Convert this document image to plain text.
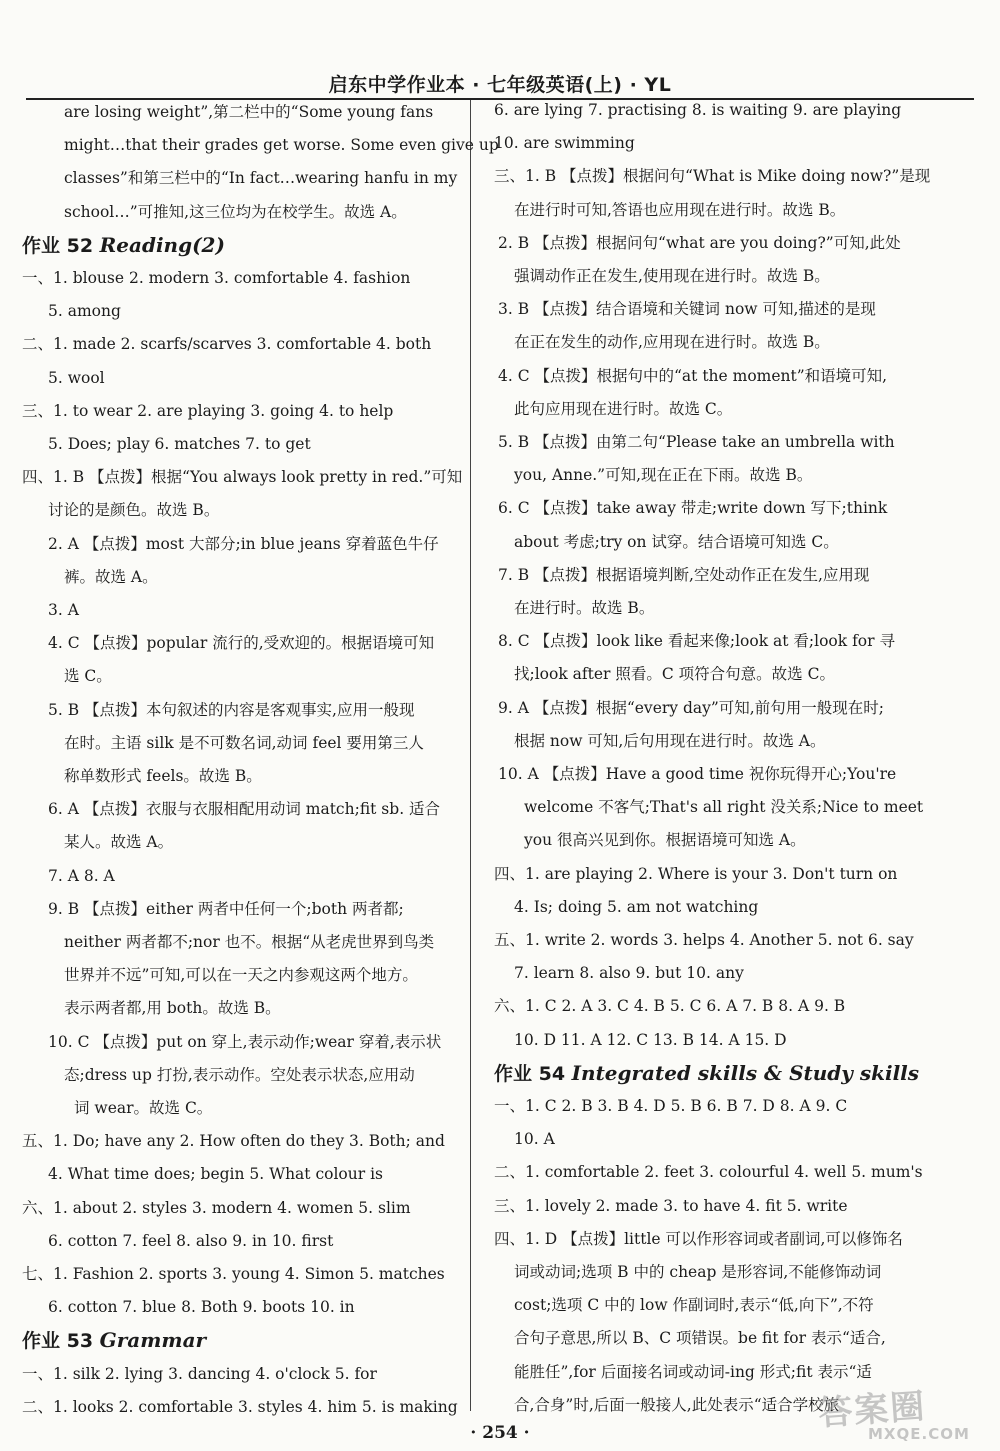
启东中学作业本 · 七年级英语(上) · YL
are losing weight”,第二栏中的“Some young fans
might…that their grades get worse. Some even give up
classes”和第三栏中的“In fact…wearing hanfu in my
school…”可推知,这三位均为在校学生。故选 A。
作业 52 Reading(2)
一、1. blouse 2. modern 3. comfortable 4. fashion
5. among
二、1. made 2. scarfs/scarves 3. comfortable 4. both
5. wool
三、1. to wear 2. are playing 3. going 4. to help
5. Does; play 6. matches 7. to get
四、1. B 【点拨】根据“You always look pretty in red.”可知
讨论的是颜色。故选 B。
2. A 【点拨】most 大部分;in blue jeans 穿着蓝色牛仔
裤。故选 A。
3. A
4. C 【点拨】popular 流行的,受欢迎的。根据语境可知
选 C。
5. B 【点拨】本句叙述的内容是客观事实,应用一般现
在时。主语 silk 是不可数名词,动词 feel 要用第三人
称单数形式 feels。故选 B。
6. A 【点拨】衣服与衣服相配用动词 match;fit sb. 适合
某人。故选 A。
7. A 8. A
9. B 【点拨】either 两者中任何一个;both 两者都;
neither 两者都不;nor 也不。根据“从老虎世界到鸟类
世界并不远”可知,可以在一天之内参观这两个地方。
表示两者都,用 both。故选 B。
10. C 【点拨】put on 穿上,表示动作;wear 穿着,表示状
态;dress up 打扮,表示动作。空处表示状态,应用动
词 wear。故选 C。
五、1. Do; have any 2. How often do they 3. Both; and
4. What time does; begin 5. What colour is
六、1. about 2. styles 3. modern 4. women 5. slim
6. cotton 7. feel 8. also 9. in 10. first
七、1. Fashion 2. sports 3. young 4. Simon 5. matches
6. cotton 7. blue 8. Both 9. boots 10. in
作业 53 Grammar
一、1. silk 2. lying 3. dancing 4. o'clock 5. for
二、1. looks 2. comfortable 3. styles 4. him 5. is making
6. are lying 7. practising 8. is waiting 9. are playing
10. are swimming
三、1. B 【点拨】根据问句“What is Mike doing now?”是现
在进行时可知,答语也应用现在进行时。故选 B。
2. B 【点拨】根据问句“what are you doing?”可知,此处
强调动作正在发生,使用现在进行时。故选 B。
3. B 【点拨】结合语境和关键词 now 可知,描述的是现
在正在发生的动作,应用现在进行时。故选 B。
4. C 【点拨】根据句中的“at the moment”和语境可知,
此句应用现在进行时。故选 C。
5. B 【点拨】由第二句“Please take an umbrella with
you, Anne.”可知,现在正在下雨。故选 B。
6. C 【点拨】take away 带走;write down 写下;think
about 考虑;try on 试穿。结合语境可知选 C。
7. B 【点拨】根据语境判断,空处动作正在发生,应用现
在进行时。故选 B。
8. C 【点拨】look like 看起来像;look at 看;look for 寻
找;look after 照看。C 项符合句意。故选 C。
9. A 【点拨】根据“every day”可知,前句用一般现在时;
根据 now 可知,后句用现在进行时。故选 A。
10. A 【点拨】Have a good time 祝你玩得开心;You're
welcome 不客气;That's all right 没关系;Nice to meet
you 很高兴见到你。根据语境可知选 A。
四、1. are playing 2. Where is your 3. Don't turn on
4. Is; doing 5. am not watching
五、1. write 2. words 3. helps 4. Another 5. not 6. say
7. learn 8. also 9. but 10. any
六、1. C 2. A 3. C 4. B 5. C 6. A 7. B 8. A 9. B
10. D 11. A 12. C 13. B 14. A 15. D
作业 54 Integrated skills & Study skills
一、1. C 2. B 3. B 4. D 5. B 6. B 7. D 8. A 9. C
10. A
二、1. comfortable 2. feet 3. colourful 4. well 5. mum's
三、1. lovely 2. made 3. to have 4. fit 5. write
四、1. D 【点拨】little 可以作形容词或者副词,可以修饰名
词或动词;选项 B 中的 cheap 是形容词,不能修饰动词
cost;选项 C 中的 low 作副词时,表示“低,向下”,不符
合句子意思,所以 B、C 项错误。be fit for 表示“适合,
能胜任”,for 后面接名词或动词-ing 形式;fit 表示“适
合,合身”时,后面一般接人,此处表示“适合学校旅
· 254 ·	答案圈
MXQE.COM
